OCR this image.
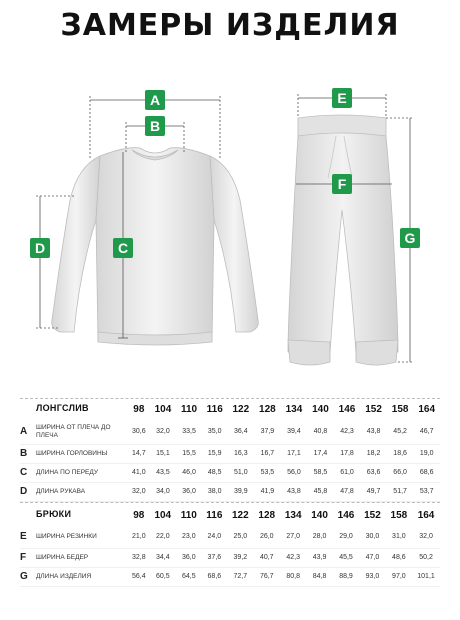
ЗАМЕРЫ ИЗДЕЛИЯ
A
B
C
D
E
F
G
	ЛОНГСЛИВ	98	104	110	116	122	128	134	140	146	152	158	164
A	ШИРИНА ОТ ПЛЕЧА ДО ПЛЕЧА	30,6	32,0	33,5	35,0	36,4	37,9	39,4	40,8	42,3	43,8	45,2	46,7
B	ШИРИНА ГОРЛОВИНЫ	14,7	15,1	15,5	15,9	16,3	16,7	17,1	17,4	17,8	18,2	18,6	19,0
C	ДЛИНА ПО ПЕРЕДУ	41,0	43,5	46,0	48,5	51,0	53,5	56,0	58,5	61,0	63,6	66,0	68,6
D	ДЛИНА РУКАВА	32,0	34,0	36,0	38,0	39,9	41,9	43,8	45,8	47,8	49,7	51,7	53,7
	БРЮКИ	98	104	110	116	122	128	134	140	146	152	158	164
E	ШИРИНА РЕЗИНКИ	21,0	22,0	23,0	24,0	25,0	26,0	27,0	28,0	29,0	30,0	31,0	32,0
F	ШИРИНА БЕДЕР	32,8	34,4	36,0	37,6	39,2	40,7	42,3	43,9	45,5	47,0	48,6	50,2
G	ДЛИНА ИЗДЕЛИЯ	56,4	60,5	64,5	68,6	72,7	76,7	80,8	84,8	88,9	93,0	97,0	101,1
